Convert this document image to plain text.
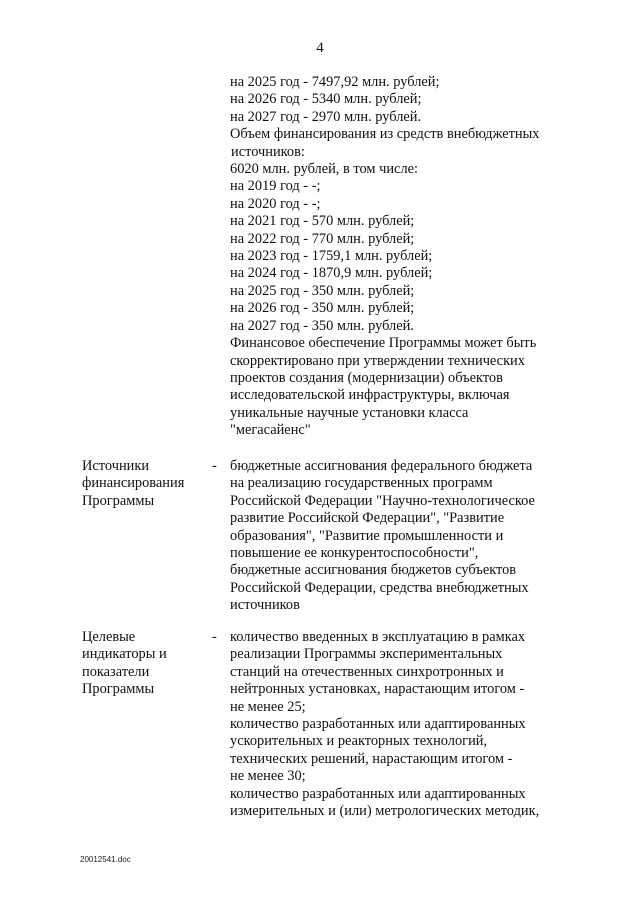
4
на 2025 год - 7497,92 млн. рублей;
на 2026 год - 5340 млн. рублей;
на 2027 год - 2970 млн. рублей.
Объем финансирования из средств внебюджетных
источников:
6020 млн. рублей, в том числе:
на 2019 год - -;
на 2020 год - -;
на 2021 год - 570 млн. рублей;
на 2022 год - 770 млн. рублей;
на 2023 год - 1759,1 млн. рублей;
на 2024 год - 1870,9 млн. рублей;
на 2025 год - 350 млн. рублей;
на 2026 год - 350 млн. рублей;
на 2027 год - 350 млн. рублей.
Финансовое обеспечение Программы может быть
скорректировано при утверждении технических
проектов создания (модернизации) объектов
исследовательской инфраструктуры, включая
уникальные научные установки класса
"мегасайенс"
Источники
финансирования
Программы
- бюджетные ассигнования федерального бюджета
на реализацию государственных программ
Российской Федерации "Научно-технологическое
развитие Российской Федерации", "Развитие
образования", "Развитие промышленности и
повышение ее конкурентоспособности",
бюджетные ассигнования бюджетов субъектов
Российской Федерации, средства внебюджетных
источников
Целевые
индикаторы и
показатели
Программы
- количество введенных в эксплуатацию в рамках
реализации Программы экспериментальных
станций на отечественных синхротронных и
нейтронных установках, нарастающим итогом -
не менее 25;
количество разработанных или адаптированных
ускорительных и реакторных технологий,
технических решений, нарастающим итогом -
не менее 30;
количество разработанных или адаптированных
измерительных и (или) метрологических методик,
20012541.doc
